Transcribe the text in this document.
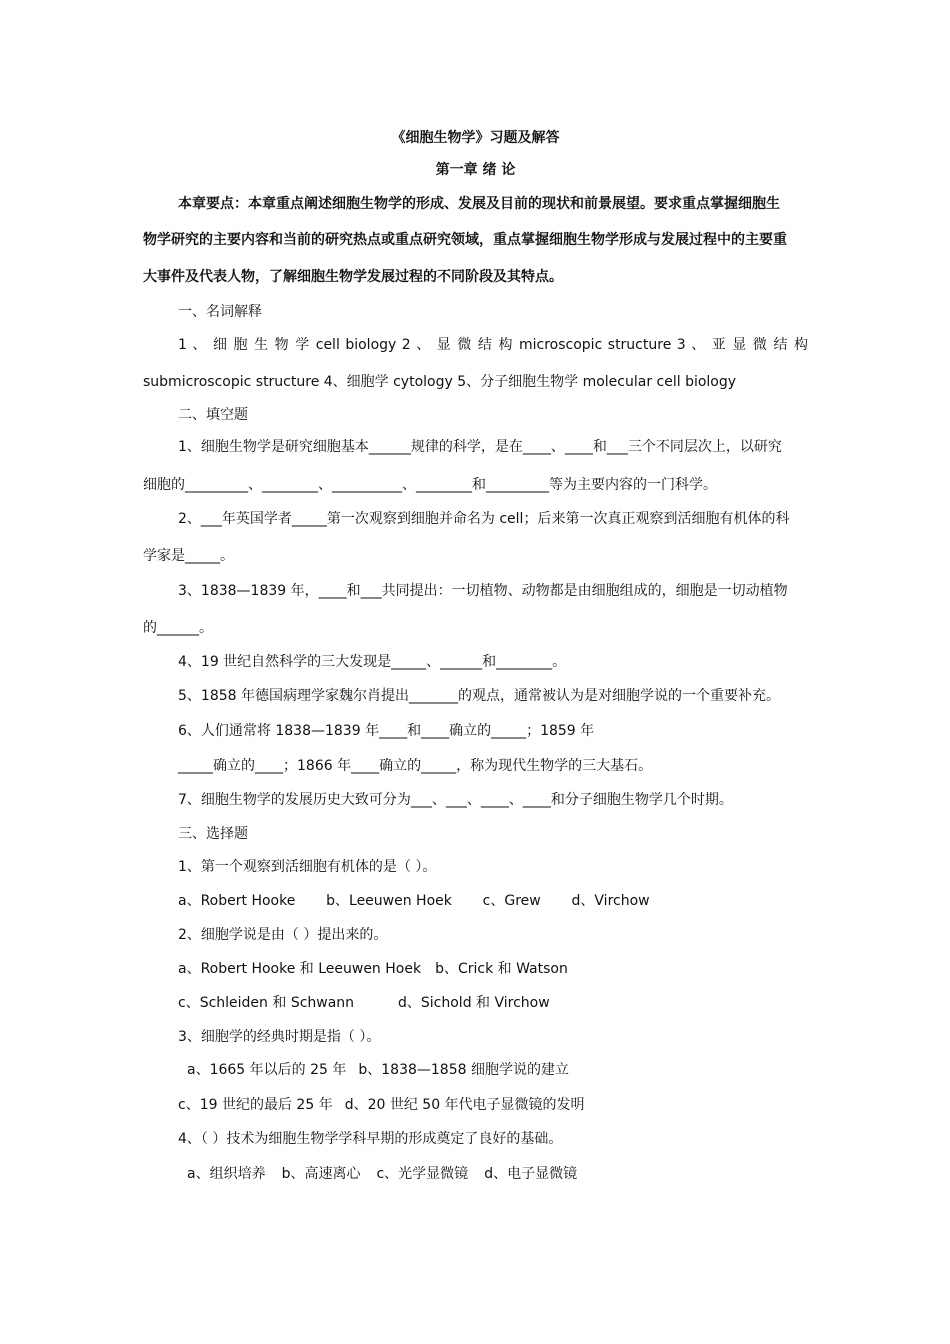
《细胞生物学》习题及解答
第一章 绪 论
本章要点：本章重点阐述细胞生物学的形成、发展及目前的现状和前景展望。要求重点掌握细胞生
物学研究的主要内容和当前的研究热点或重点研究领域，重点掌握细胞生物学形成与发展过程中的主要重
大事件及代表人物，了解细胞生物学发展过程的不同阶段及其特点。
一、名词解释
1 、 细 胞 生 物 学 cell biology 2 、 显 微 结 构 microscopic structure 3 、 亚 显 微 结 构
submicroscopic structure 4、细胞学 cytology 5、分子细胞生物学 molecular cell biology
二、填空题
1、细胞生物学是研究细胞基本______规律的科学，是在____、____和___三个不同层次上，以研究
细胞的_________、________、__________、________和_________等为主要内容的一门科学。
2、___年英国学者_____第一次观察到细胞并命名为 cell；后来第一次真正观察到活细胞有机体的科
学家是_____。
3、1838—1839 年，____和___共同提出：一切植物、动物都是由细胞组成的，细胞是一切动植物
的______。
4、19 世纪自然科学的三大发现是_____、______和________。
5、1858 年德国病理学家魏尔肖提出_______的观点，通常被认为是对细胞学说的一个重要补充。
6、人们通常将 1838—1839 年____和____确立的_____；1859 年
_____确立的____；1866 年____确立的_____，称为现代生物学的三大基石。
7、细胞生物学的发展历史大致可分为___、___、____、____和分子细胞生物学几个时期。
三、选择题
1、第一个观察到活细胞有机体的是（ ）。
a、Robert Hooke b、Leeuwen Hoek c、Grew d、Virchow
2、细胞学说是由（ ）提出来的。
a、Robert Hooke 和 Leeuwen Hoek b、Crick 和 Watson
c、Schleiden 和 Schwann	d、Sichold 和 Virchow
3、细胞学的经典时期是指（ ）。
a、1665 年以后的 25 年 b、1838—1858 细胞学说的建立
c、19 世纪的最后 25 年 d、20 世纪 50 年代电子显微镜的发明
4、（ ）技术为细胞生物学学科早期的形成奠定了良好的基础。
a、组织培养 b、高速离心 c、光学显微镜 d、电子显微镜
